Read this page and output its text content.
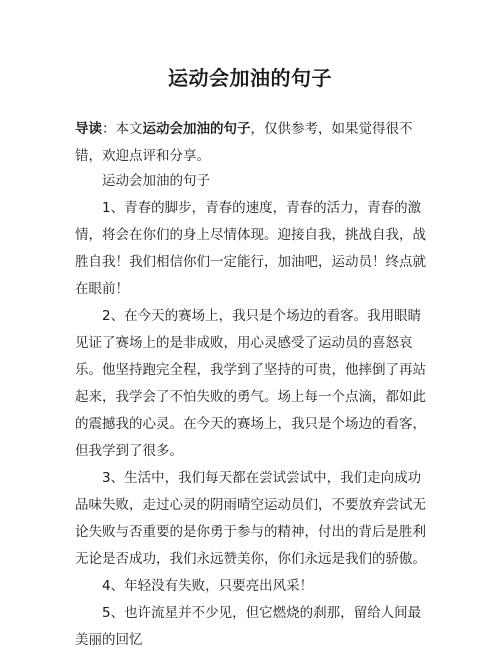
运动会加油的句子

导读：本文运动会加油的句子，仅供参考，如果觉得很不错，欢迎点评和分享。

运动会加油的句子

1、青春的脚步，青春的速度，青春的活力，青春的激情，将会在你们的身上尽情体现。迎接自我，挑战自我，战胜自我！我们相信你们一定能行，加油吧，运动员！终点就在眼前！

2、在今天的赛场上，我只是个场边的看客。我用眼睛见证了赛场上的是非成败，用心灵感受了运动员的喜怒哀乐。他坚持跑完全程，我学到了坚持的可贵，他摔倒了再站起来，我学会了不怕失败的勇气。场上每一个点滴，都如此的震撼我的心灵。在今天的赛场上，我只是个场边的看客，但我学到了很多。

3、生活中，我们每天都在尝试尝试中，我们走向成功品味失败，走过心灵的阴雨晴空运动员们，不要放弃尝试无论失败与否重要的是你勇于参与的精神，付出的背后是胜利无论是否成功，我们永远赞美你，你们永远是我们的骄傲。

4、年轻没有失败，只要亮出风采！

5、也许流星并不少见，但它燃烧的刹那，留给人间最美丽的回忆
